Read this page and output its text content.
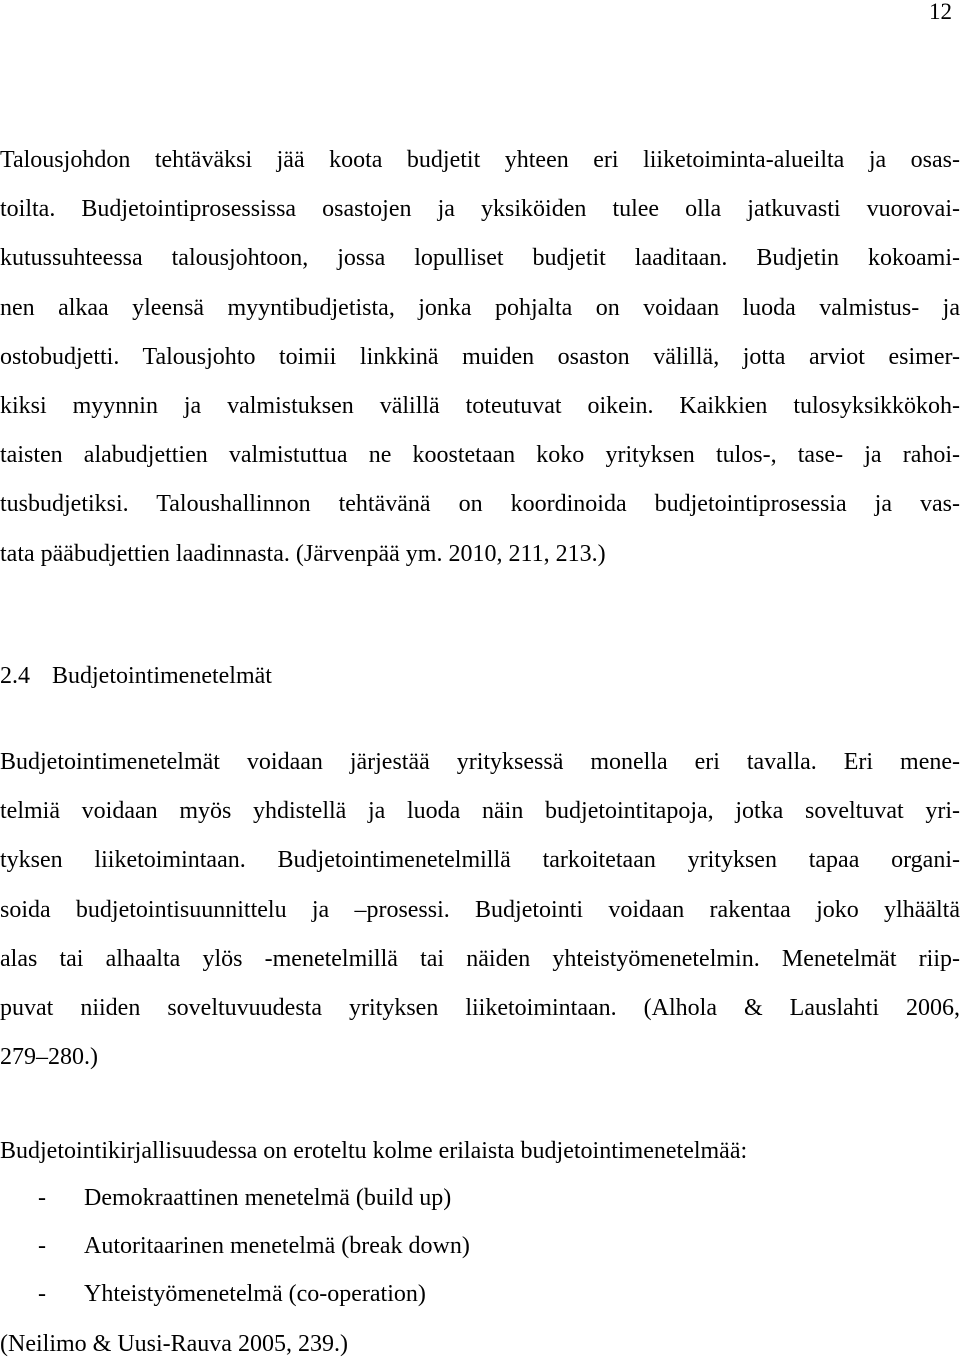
12
Talousjohdon tehtäväksi jää koota budjetit yhteen eri liiketoiminta-alueilta ja osas-
toilta. Budjetointiprosessissa osastojen ja yksiköiden tulee olla jatkuvasti vuorovai-
kutussuhteessa talousjohtoon, jossa lopulliset budjetit laaditaan. Budjetin kokoami-
nen alkaa yleensä myyntibudjetista, jonka pohjalta on voidaan luoda valmistus- ja
ostobudjetti. Talousjohto toimii linkkinä muiden osaston välillä, jotta arviot esimer-
kiksi myynnin ja valmistuksen välillä toteutuvat oikein. Kaikkien tulosyksikkökoh-
taisten alabudjettien valmistuttua ne koostetaan koko yrityksen tulos-, tase- ja rahoi-
tusbudjetiksi. Taloushallinnon tehtävänä on koordinoida budjetointiprosessia ja vas-
tata pääbudjettien laadinnasta. (Järvenpää ym. 2010, 211, 213.)
2.4 Budjetointimenetelmät
Budjetointimenetelmät voidaan järjestää yrityksessä monella eri tavalla. Eri mene-
telmiä voidaan myös yhdistellä ja luoda näin budjetointitapoja, jotka soveltuvat yri-
tyksen liiketoimintaan. Budjetointimenetelmillä tarkoitetaan yrityksen tapaa organi-
soida budjetointisuunnittelu ja –prosessi. Budjetointi voidaan rakentaa joko ylhäältä
alas tai alhaalta ylös -menetelmillä tai näiden yhteistyömenetelmin. Menetelmät riip-
puvat niiden soveltuvuudesta yrityksen liiketoimintaan. (Alhola & Lauslahti 2006,
279–280.)
Budjetointikirjallisuudessa on eroteltu kolme erilaista budjetointimenetelmää:
- Demokraattinen menetelmä (build up)
- Autoritaarinen menetelmä (break down)
- Yhteistyömenetelmä (co-operation)
(Neilimo & Uusi-Rauva 2005, 239.)
